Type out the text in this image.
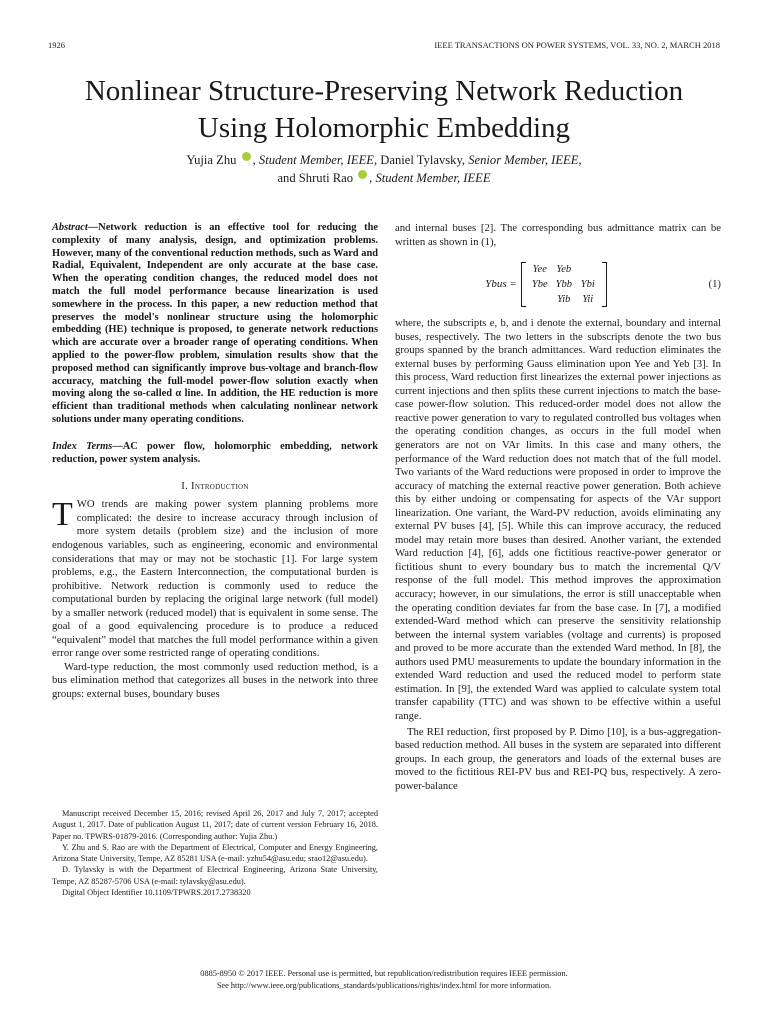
1926	IEEE TRANSACTIONS ON POWER SYSTEMS, VOL. 33, NO. 2, MARCH 2018
Nonlinear Structure-Preserving Network Reduction
Using Holomorphic Embedding
Yujia Zhu , Student Member, IEEE, Daniel Tylavsky, Senior Member, IEEE,
and Shruti Rao , Student Member, IEEE

Abstract—Network reduction is an effective tool for reducing the complexity of many analysis, design, and optimization problems. However, many of the conventional reduction methods, such as Ward and Radial, Equivalent, Independent are only accurate at the base case. When the operating condition changes, the reduced model does not match the full model performance because linearization is used somewhere in the process. In this paper, a new reduction method that preserves the model's nonlinear structure using the holomorphic embedding (HE) technique is proposed, to generate network reductions which are accurate over a broader range of operating conditions. When applied to the power-flow problem, simulation results show that the proposed method can significantly improve bus-voltage and branch-flow accuracy, matching the full-model power-flow solution exactly when moving along the so-called α line. In addition, the HE reduction is more efficient than traditional methods when calculating nonlinear network solutions under many operating conditions.

Index Terms—AC power flow, holomorphic embedding, network reduction, power system analysis.

I. Introduction

TWO trends are making power system planning problems more complicated: the desire to increase accuracy through inclusion of more system details (problem size) and the inclusion of more endogenous variables, such as engineering, economic and environmental considerations that may or may not be stochastic [1]. For large system problems, e.g., the Eastern Interconnection, the computational burden is prohibitive. Network reduction is commonly used to reduce the computational burden by replacing the original large network (full model) by a smaller network (reduced model) that is equivalent in some sense. The goal of a good equivalencing procedure is to produce a reduced “equivalent” model that matches the full model performance within a given error range over some restricted range of operating conditions.

Ward-type reduction, the most commonly used reduction method, is a bus elimination method that categorizes all buses in the network into three groups: external buses, boundary buses

Manuscript received December 15, 2016; revised April 26, 2017 and July 7, 2017; accepted August 1, 2017. Date of publication August 11, 2017; date of current version February 16, 2018. Paper no. TPWRS-01879-2016. (Corresponding author: Yujia Zhu.)

Y. Zhu and S. Rao are with the Department of Electrical, Computer and Energy Engineering, Arizona State University, Tempe, AZ 85281 USA (e-mail: yzhu54@asu.edu; srao12@asu.edu).

D. Tylavsky is with the Department of Electrical Engineering, Arizona State University, Tempe, AZ 85287-5706 USA (e-mail: tylavsky@asu.edu).

Digital Object Identifier 10.1109/TPWRS.2017.2738320

and internal buses [2]. The corresponding bus admittance matrix can be written as shown in (1),

Ybus =
Yee Yeb
Ybe Ybb Ybi
Yib	Yii
(1)

where, the subscripts e, b, and i denote the external, boundary and internal buses, respectively. The two letters in the subscripts denote the two bus groups spanned by the branch admittances. Ward reduction eliminates the external buses by performing Gauss elimination upon Yee and Yeb [3]. In this process, Ward reduction first linearizes the external power injections as current injections and then splits these current injections to match the base-case power-flow solution. This reduced-order model does not allow the reactive power generation to vary to regulated controlled bus voltages when the operating condition changes, as occurs in the full model when generators are not on VAr limits. In this case and many others, the performance of the Ward reduction does not match that of the full model. Two variants of the Ward reductions were proposed in order to improve the accuracy of matching the external reactive power generation. Both achieve this by either undoing or compensating for aspects of the VAr support linearization. One variant, the Ward-PV reduction, avoids eliminating any external PV buses [4], [5]. While this can improve accuracy, the reduced model may retain more buses than desired. Another variant, the extended Ward reduction [4], [6], adds one fictitious reactive-power generator or fictitious shunt to every boundary bus to match the incremental Q/V response of the full model. This method improves the approximation accuracy; however, in our simulations, the error is still unacceptable when the operating condition deviates far from the base case. In [7], a modified extended-Ward method which can preserve the sensitivity relationship between the internal system variables (voltage and currents) is proposed and proved to be more accurate than the extended Ward method. In [8], the authors used PMU measurements to update the boundary information in the extended Ward reduction and used the reduced model to perform state estimation. In [9], the extended Ward was applied to calculate system total transfer capability (TTC) and was shown to be effective within a useful range.

The REI reduction, first proposed by P. Dimo [10], is a bus-aggregation-based reduction method. All buses in the system are separated into different groups. In each group, the generators and loads of the external buses are moved to the fictitious REI-PV bus and REI-PQ bus, respectively. A zero-power-balance

0885-8950 © 2017 IEEE. Personal use is permitted, but republication/redistribution requires IEEE permission.
See http://www.ieee.org/publications_standards/publications/rights/index.html for more information.
